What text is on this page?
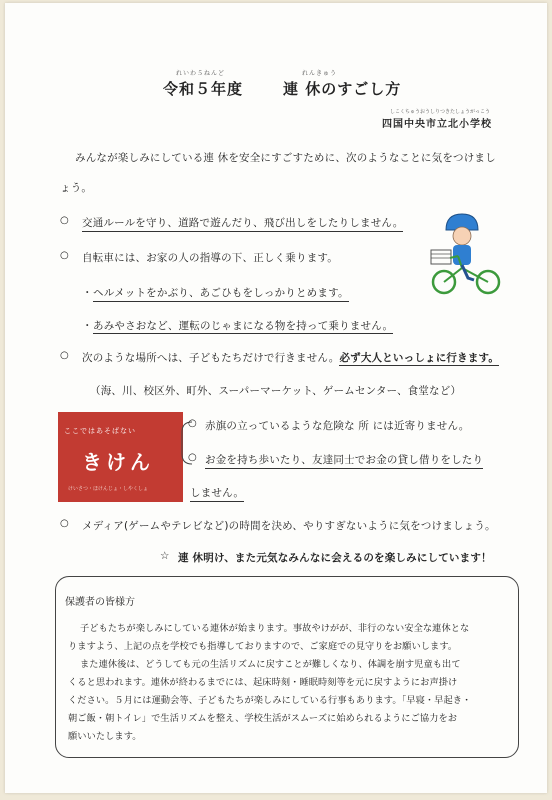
れいわ５ねんど
令和５年度
れんきゅう
連 休のすごし方
しこくちゅうおうしりつきたしょうがっこう
四国中央市立北小学校
みんなが楽しみにしている連 休を安全にすごすために、次のようなことに気をつけまし
ょう。
○ 交通ルールを守り、道路で遊んだり、飛び出しをしたりしません。
○ 自転車には、お家の人の指導の下、正しく乗ります。
・ ヘルメットをかぶり、あごひもをしっかりとめます。
・ あみやさおなど、運転のじゃまになる物を持って乗りません。
○ 次のような場所へは、子どもたちだけで行きません。必ず大人といっしょに行きます。
（海、川、校区外、町外、スーパーマーケット、ゲームセンター、食堂など）
ここではあそばない
きけん
けいさつ・ほけんじょ・しやくしょ
○ 赤旗の立っているような危険な 所 には近寄りません。
○ お金を持ち歩いたり、友達同士でお金の貸し借りをしたり
しません。
○ メディア(ゲームやテレビなど)の時間を決め、やりすぎないように気をつけましょう。
☆ 連 休明け、また元気なみんなに会えるのを楽しみにしています！
保護者の皆様方
子どもたちが楽しみにしている連休が始まります。事故やけがが、非行のない安全な連休とな
りますよう、上記の点を学校でも指導しておりますので、ご家庭での見守りをお願いします。
また連休後は、どうしても元の生活リズムに戻すことが難しくなり、体調を崩す児童も出て
くると思われます。連休が終わるまでには、起床時刻・睡眠時刻等を元に戻すようにお声掛け
ください。５月には運動会等、子どもたちが楽しみにしている行事もあります。「早寝・早起き・
朝ご飯・朝トイレ」で生活リズムを整え、学校生活がスムーズに始められるようにご協力をお
願いいたします。
